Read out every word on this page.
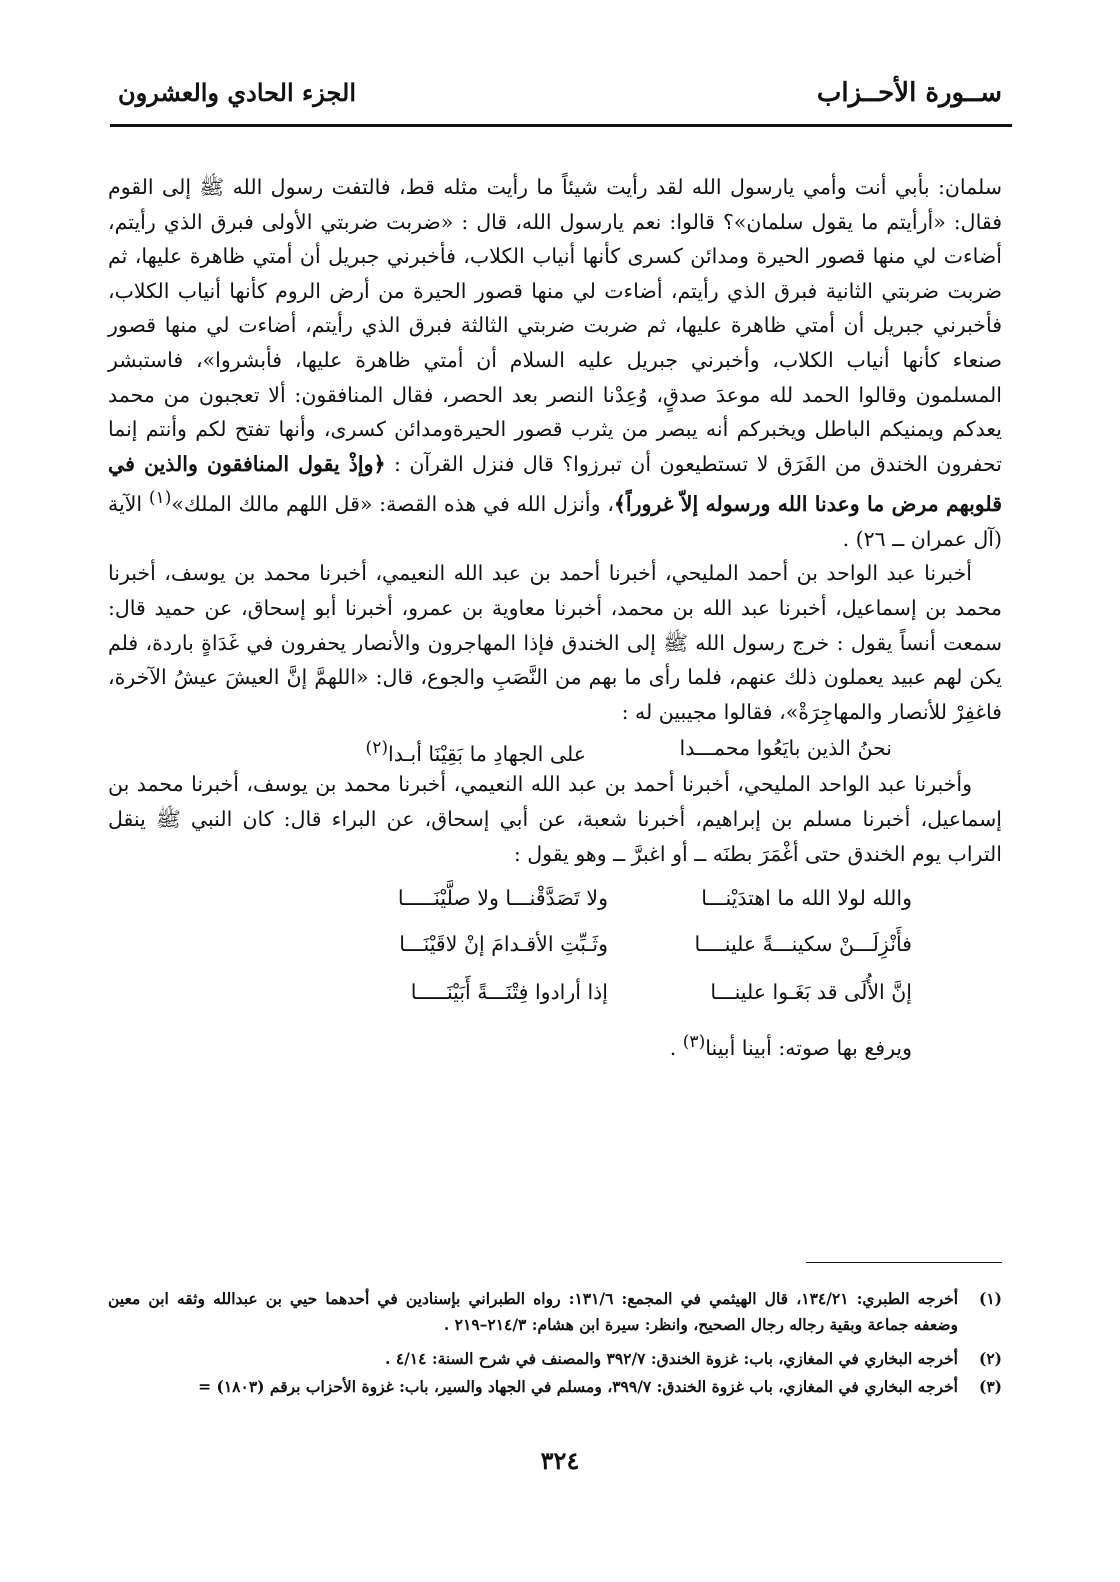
ســورة الأحــزاب
الجزء الحادي والعشرون

سلمان: بأبي أنت وأمي يارسول الله لقد رأيت شيئاً ما رأيت مثله قط، فالتفت رسول الله ﷺ إلى القوم فقال: «أرأيتم ما يقول سلمان»؟ قالوا: نعم يارسول الله، قال : «ضربت ضربتي الأولى فبرق الذي رأيتم، أضاءت لي منها قصور الحيرة ومدائن كسرى كأنها أنياب الكلاب، فأخبرني جبريل أن أمتي ظاهرة عليها، ثم ضربت ضربتي الثانية فبرق الذي رأيتم، أضاءت لي منها قصور الحيرة من أرض الروم كأنها أنياب الكلاب، فأخبرني جبريل أن أمتي ظاهرة عليها، ثم ضربت ضربتي الثالثة فبرق الذي رأيتم، أضاءت لي منها قصور صنعاء كأنها أنياب الكلاب، وأخبرني جبريل عليه السلام أن أمتي ظاهرة عليها، فأبشروا»، فاستبشر المسلمون وقالوا الحمد لله موعدَ صدقٍ، وُعِدْنا النصر بعد الحصر، فقال المنافقون: ألا تعجبون من محمد يعدكم ويمنيكم الباطل ويخبركم أنه يبصر من يثرب قصور الحيرةومدائن كسرى، وأنها تفتح لكم وأنتم إنما تحفرون الخندق من الفَرَق لا تستطيعون أن تبرزوا؟ قال فنزل القرآن : ﴿وإذْ يقول المنافقون والذين في قلوبهم مرض ما وعدنا الله ورسوله إلاّ غروراً﴾، وأنزل الله في هذه القصة: «قل اللهم مالك الملك»$^{(١)}$ الآية (آل عمران ــ ٢٦) .

أخبرنا عبد الواحد بن أحمد المليحي، أخبرنا أحمد بن عبد الله النعيمي، أخبرنا محمد بن يوسف، أخبرنا محمد بن إسماعيل، أخبرنا عبد الله بن محمد، أخبرنا معاوية بن عمرو، أخبرنا أبو إسحاق، عن حميد قال: سمعت أنساً يقول : خرج رسول الله ﷺ إلى الخندق فإذا المهاجرون والأنصار يحفرون في غَدَاةٍ باردة، فلم يكن لهم عبيد يعملون ذلك عنهم، فلما رأى ما بهم من النَّصَبِ والجوع، قال: «اللهمَّ إنَّ العيشَ عيشُ الآخرة، فاغفِرْ للأنصار والمهاجِرَةْ»، فقالوا مجيبين له :

نحنُ الذين بايَعُوا محمـــدا
على الجهادِ ما بَقِيْنَا أبـدا$^{(٢)}$

وأخبرنا عبد الواحد المليحي، أخبرنا أحمد بن عبد الله النعيمي، أخبرنا محمد بن يوسف، أخبرنا محمد بن إسماعيل، أخبرنا مسلم بن إبراهيم، أخبرنا شعبة، عن أبي إسحاق، عن البراء قال: كان النبي ﷺ ينقل التراب يوم الخندق حتى أغْمَرَ بطنَه ــ أو اغبرَّ ــ وهو يقول :

والله لولا الله ما اهتدَيْنـــا
ولا تَصَدَّقْنـــا ولا صلَّيْنَـــــا
فأَنْزِلَـــنْ سكينـــةً علينــــا
وثَـبِّتِ الأقـدامَ إنْ لاقَيْنَـــا
إنَّ الأُلَى قد بَغَـوا علينـــا
إذا أرادوا فِتْنَـــةً أَبَيْنَـــــا

ويرفع بها صوته: أبينا أبينا$^{(٣)}$ .

(١)
أخرجه الطبري: ١٣٤/٢١، قال الهيثمي في المجمع: ١٣١/٦: رواه الطبراني بإسنادين في أحدهما حيي بن عبدالله وثقه ابن معين وضعفه جماعة وبقية رجاله رجال الصحيح، وانظر: سيرة ابن هشام: ٢١٤/٣–٢١٩ .
(٢)
أخرجه البخاري في المغازي، باب: غزوة الخندق: ٣٩٢/٧ والمصنف في شرح السنة: ٤/١٤ .
(٣)
أخرجه البخاري في المغازي، باب غزوة الخندق: ٣٩٩/٧، ومسلم في الجهاد والسير، باب: غزوة الأحزاب برقم (١٨٠٣) =
٣٢٤
